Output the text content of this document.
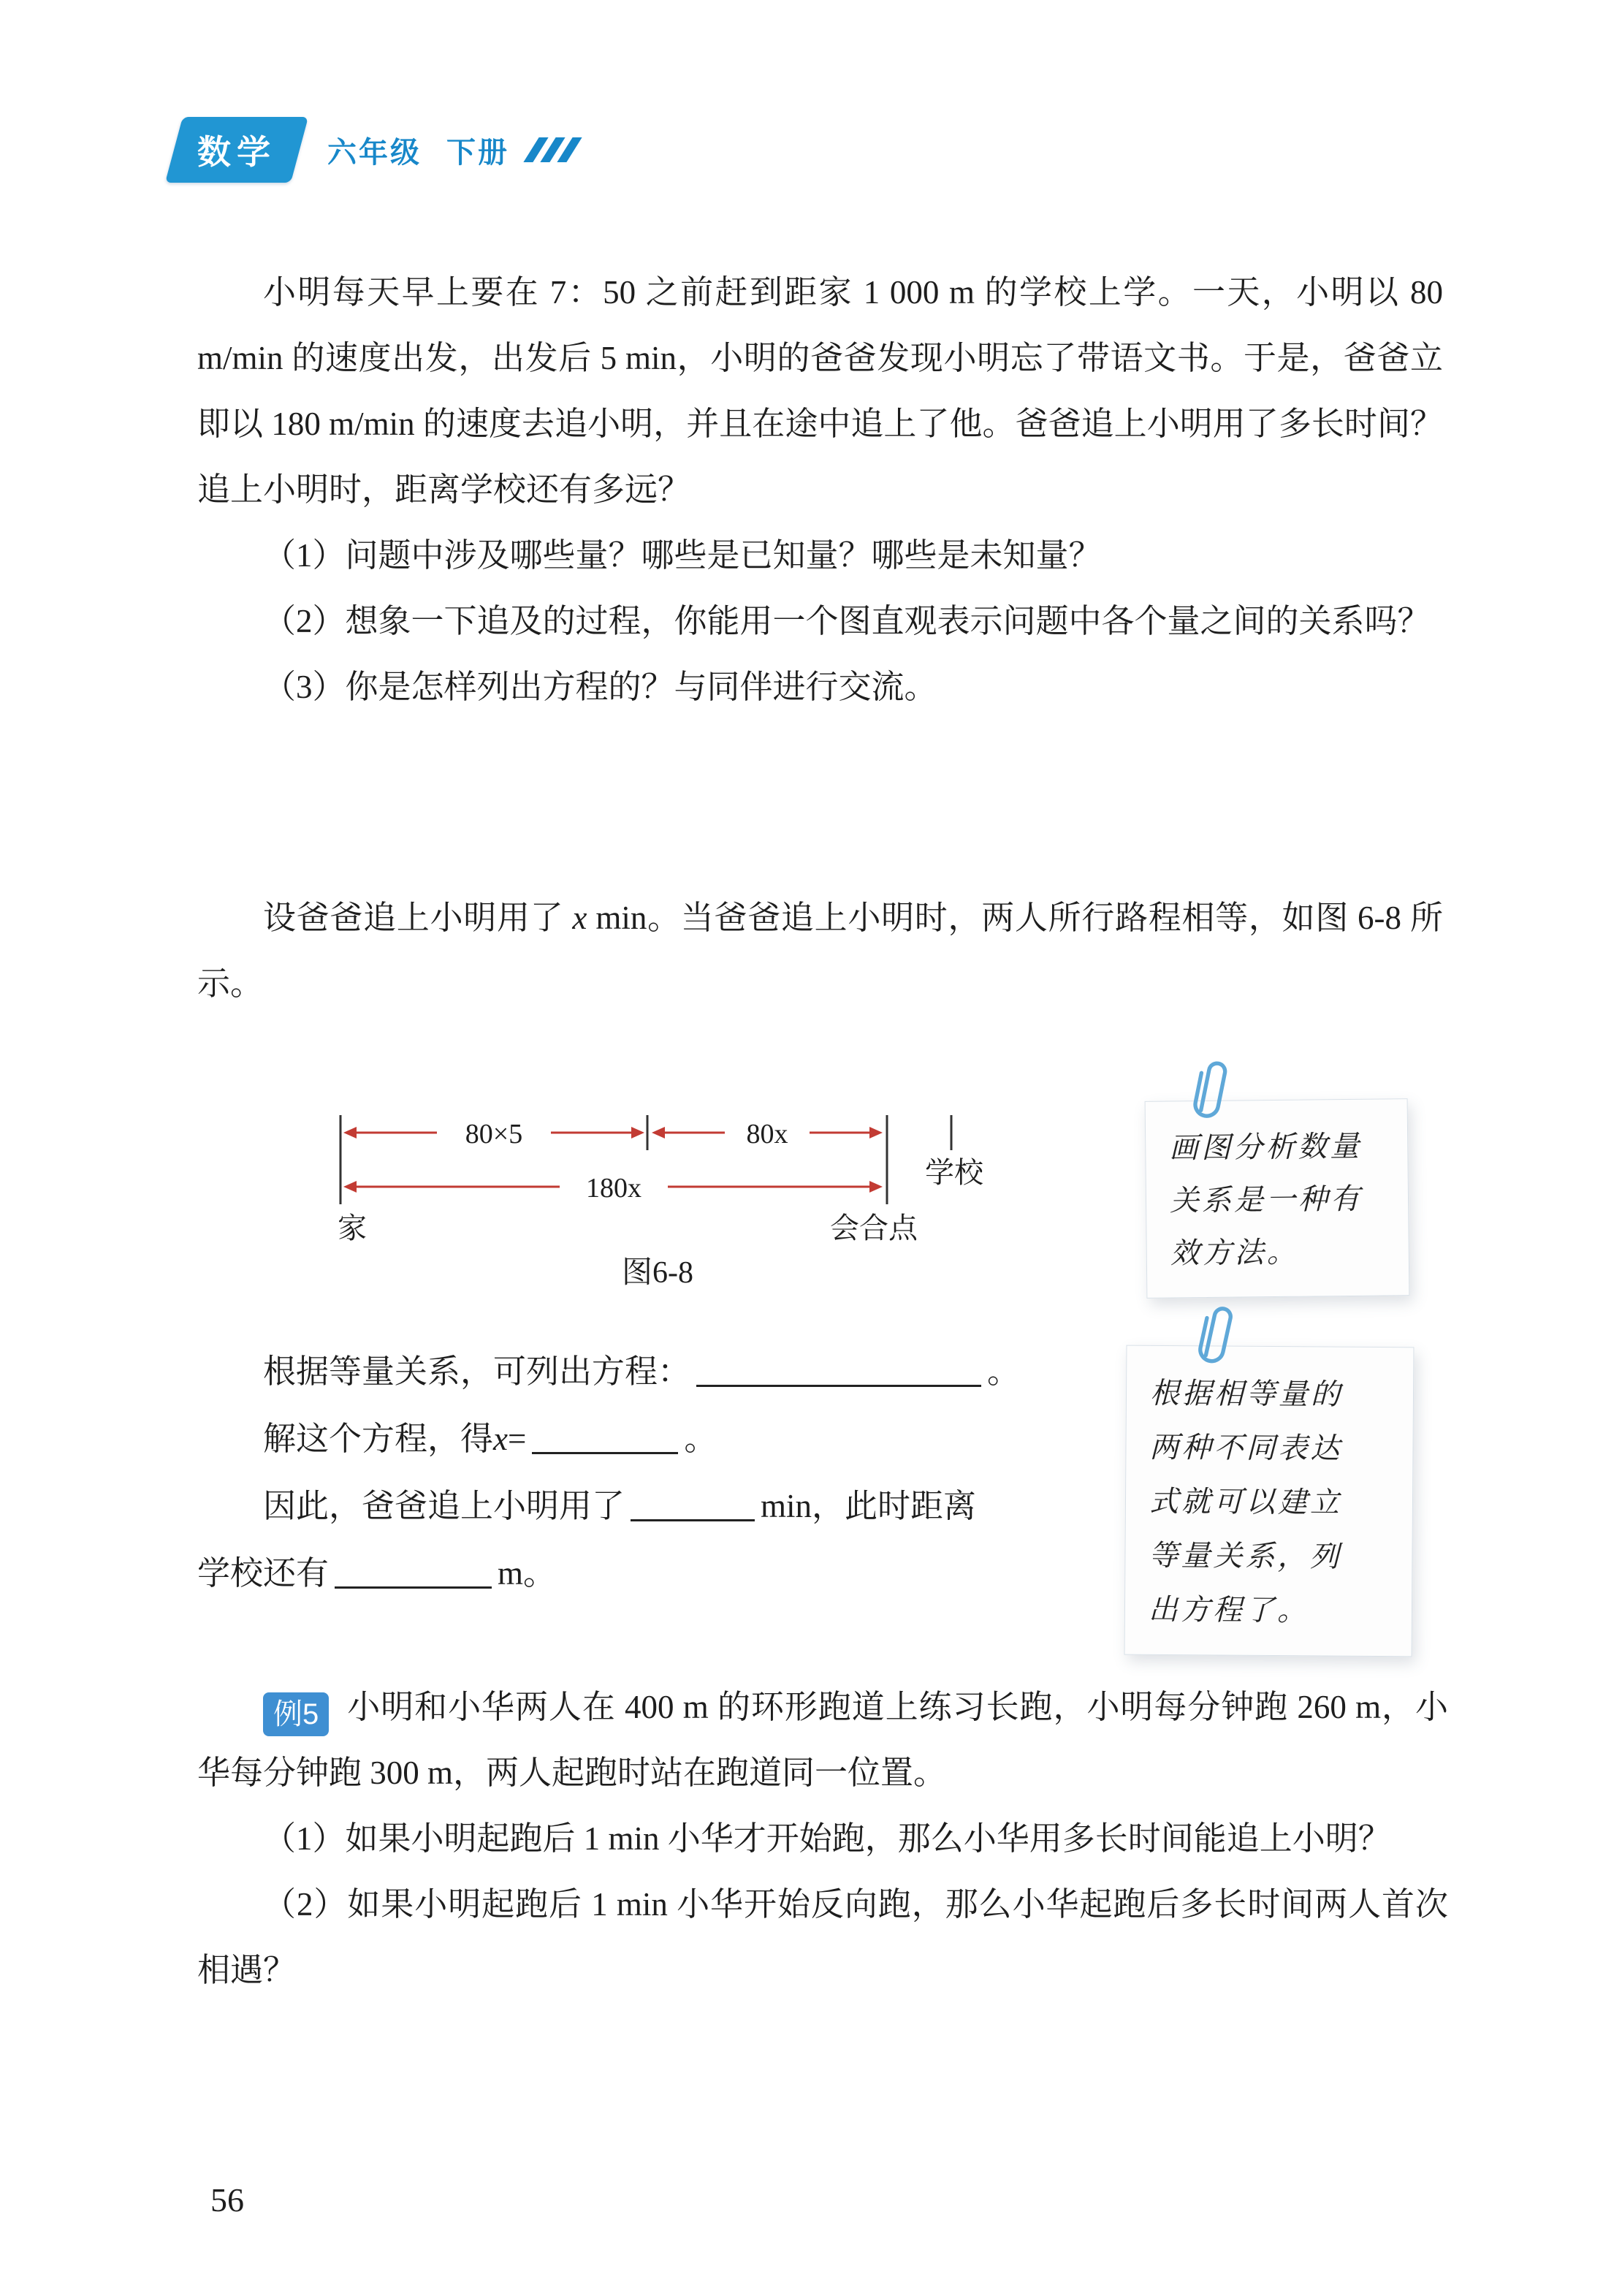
数学	六年级 下册

小明每天早上要在 7：50 之前赶到距家 1 000 m 的学校上学。一天，小明以 80 m/min 的速度出发，出发后 5 min，小明的爸爸发现小明忘了带语文书。于是，爸爸立即以 180 m/min 的速度去追小明，并且在途中追上了他。爸爸追上小明用了多长时间？追上小明时，距离学校还有多远？

（1）问题中涉及哪些量？哪些是已知量？哪些是未知量？

（2）想象一下追及的过程，你能用一个图直观表示问题中各个量之间的关系吗？

（3）你是怎样列出方程的？与同伴进行交流。

设爸爸追上小明用了 x min。当爸爸追上小明时，两人所行路程相等，如图 6-8 所示。

80×5	80x
180x	学校
家	会合点
图6-8
画图分析数量
关系是一种有
效方法。
根据等量关系，可列出方程：	。
解这个方程，得x=	。
因此，爸爸追上小明用了	min，此时距离
学校还有	m。
根据相等量的
两种不同表达
式就可以建立
等量关系，列
出方程了。

例5 小明和小华两人在 400 m 的环形跑道上练习长跑，小明每分钟跑 260 m，小华每分钟跑 300 m，两人起跑时站在跑道同一位置。

（1）如果小明起跑后 1 min 小华才开始跑，那么小华用多长时间能追上小明？

（2）如果小明起跑后 1 min 小华开始反向跑，那么小华起跑后多长时间两人首次相遇？

56
